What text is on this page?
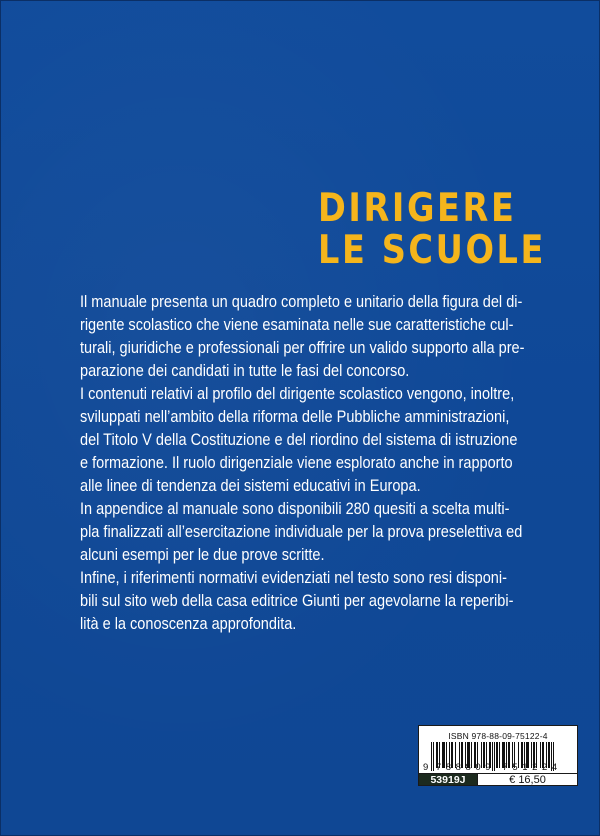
DIRIGERE
LE SCUOLE
Il manuale presenta un quadro completo e unitario della figura del di-
rigente scolastico che viene esaminata nelle sue caratteristiche cul-
turali, giuridiche e professionali per offrire un valido supporto alla pre-
parazione dei candidati in tutte le fasi del concorso.
I contenuti relativi al profilo del dirigente scolastico vengono, inoltre,
sviluppati nell’ambito della riforma delle Pubbliche amministrazioni,
del Titolo V della Costituzione e del riordino del sistema di istruzione
e formazione. Il ruolo dirigenziale viene esplorato anche in rapporto
alle linee di tendenza dei sistemi educativi in Europa.
In appendice al manuale sono disponibili 280 quesiti a scelta multi-
pla finalizzati all’esercitazione individuale per la prova preselettiva ed
alcuni esempi per le due prove scritte.
Infine, i riferimenti normativi evidenziati nel testo sono resi disponi-
bili sul sito web della casa editrice Giunti per agevolarne la reperibi-
lità e la conoscenza approfondita.
ISBN 978-88-09-75122-4
9 788809 751224
53919J	€ 16,50
